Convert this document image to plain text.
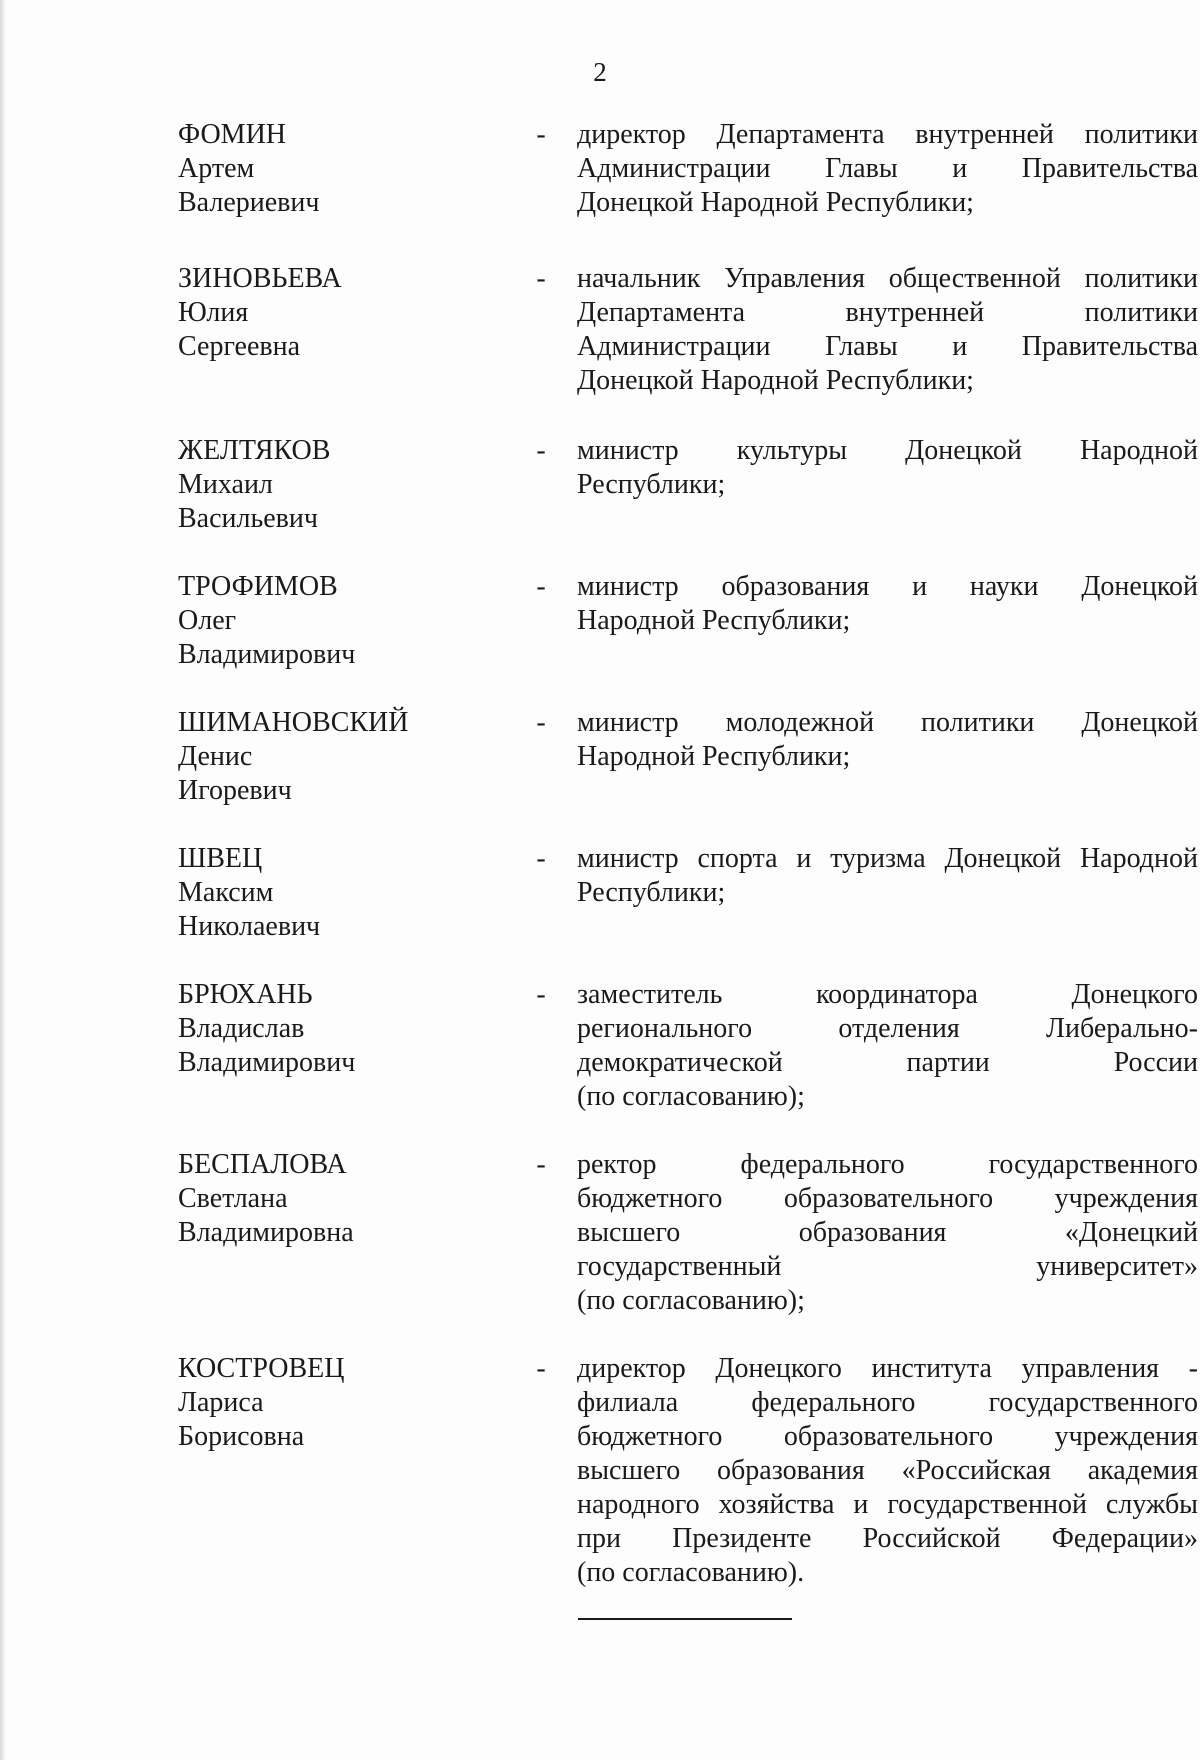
2
ФОМИН
Артем
Валериевич
- директор Департамента внутренней политики
Администрации Главы и Правительства
Донецкой Народной Республики;
ЗИНОВЬЕВА
Юлия
Сергеевна
- начальник Управления общественной политики
Департамента внутренней политики
Администрации Главы и Правительства
Донецкой Народной Республики;
ЖЕЛТЯКОВ
Михаил
Васильевич
- министр культуры Донецкой Народной
Республики;
ТРОФИМОВ
Олег
Владимирович
- министр образования и науки Донецкой
Народной Республики;
ШИМАНОВСКИЙ
Денис
Игоревич
- министр молодежной политики Донецкой
Народной Республики;
ШВЕЦ
Максим
Николаевич
- министр спорта и туризма Донецкой Народной
Республики;
БРЮХАНЬ
Владислав
Владимирович
- заместитель координатора Донецкого
регионального отделения Либерально-
демократической партии России
(по согласованию);
БЕСПАЛОВА
Светлана
Владимировна
- ректор федерального государственного
бюджетного образовательного учреждения
высшего образования «Донецкий
государственный университет»
(по согласованию);
КОСТРОВЕЦ
Лариса
Борисовна
- директор Донецкого института управления -
филиала федерального государственного
бюджетного образовательного учреждения
высшего образования «Российская академия
народного хозяйства и государственной службы
при Президенте Российской Федерации»
(по согласованию).
